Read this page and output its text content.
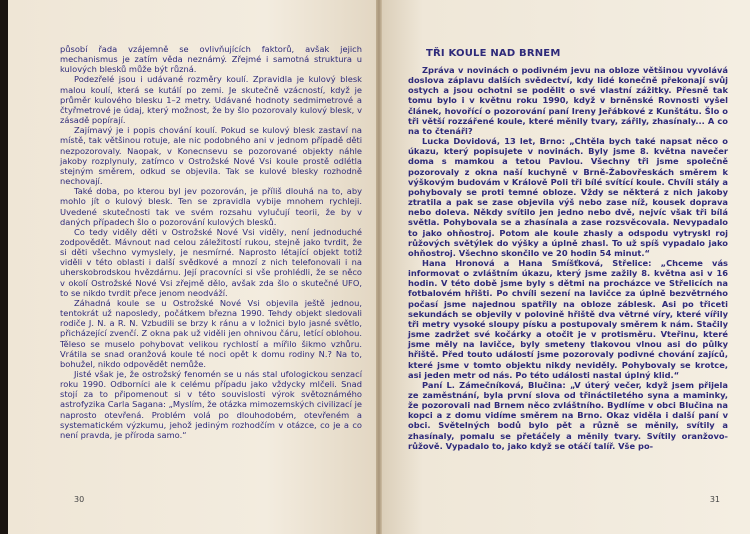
působí řada vzájemně se ovlivňujících faktorů, avšak jejich mechanismus je zatím věda neznámý. Zřejmé i samotná struktura u kulových blesků může být různá.

Podezřelé jsou i udávané rozměry koulí. Zpravidla je kulový blesk malou koulí, která se kutálí po zemi. Je skutečně vzácností, když je průměr kulového blesku 1–2 metry. Udávané hodnoty sedmimetrové a čtyřmetrové je údaj, který možnost, že by šlo pozorovaly kulový blesk, v zásadě popírají.

Zajímavý je i popis chování koulí. Pokud se kulový blesk zastaví na místě, tak většinou rotuje, ale nic podobného ani v jednom případě děti nezpozorovaly. Naopak, v Konecnsevu se pozorované objekty náhle jakoby rozplynuly, zatímco v Ostrožské Nové Vsi koule prostě odlétla stejným směrem, odkud se objevila. Tak se kulové blesky rozhodně nechovají.

Také doba, po kterou byl jev pozorován, je příliš dlouhá na to, aby mohlo jít o kulový blesk. Ten se zpravidla vybije mnohem rychleji. Uvedené skutečnosti tak ve svém rozsahu vylučují teorii, že by v daných případech šlo o pozorování kulových blesků.

Co tedy viděly děti v Ostrožské Nové Vsi viděly, není jednoduché zodpovědět. Mávnout nad celou záležitostí rukou, stejně jako tvrdit, že si děti všechno vymyslely, je nesmírné. Naprosto létající objekt totiž viděli v této oblasti i další svědkové a mnozí z nich telefonovali i na uherskobrodskou hvězdárnu. Její pracovníci si vše prohlédli, že se něco v okolí Ostrožské Nové Vsi zřejmě dělo, avšak zda šlo o skutečné UFO, to se nikdo tvrdit přece jenom neodváží.

Záhadná koule se u Ostrožské Nové Vsi objevila ještě jednou, tentokrát už naposledy, počátkem března 1990. Tehdy objekt sledovali rodiče J. N. a R. N. Vzbudili se brzy k ránu a v ložnici bylo jasné světlo, přicházející zvenčí. Z okna pak už viděli jen ohnivou čáru, letící oblohou. Těleso se muselo pohybovat velikou rychlostí a mířilo šikmo vzhůru. Vrátila se snad oranžová koule té noci opět k domu rodiny N.? Na to, bohužel, nikdo odpovědět nemůže.

Jisté však je, že ostrožský fenomén se u nás stal ufologickou senzací roku 1990. Odborníci ale k celému případu jako vždycky mlčeli. Snad stojí za to připomenout si v této souvislosti výrok světoznámého astrofyzika Carla Sagana: „Myslím, že otázka mimozemských civilizací je naprosto otevřená. Problém volá po dlouhodobém, otevřeném a systematickém výzkumu, jehož jediným rozhodčím v otázce, co je a co není pravda, je příroda samo.“

30
TŘI KOULE NAD BRNEM

Zpráva v novinách o podivném jevu na obloze většinou vyvolává doslova záplavu dalších svědectví, kdy lidé konečně překonají svůj ostych a jsou ochotni se podělit o své vlastní zážitky. Přesně tak tomu bylo i v květnu roku 1990, když v brněnské Rovnosti vyšel článek, hovořící o pozorování paní Ireny Jeřábkové z Kunštátu. Šlo o tři větší rozzářené koule, které měnily tvary, zářily, zhasínaly... A co na to čtenáři?

Lucka Dovidová, 13 let, Brno: „Chtěla bych také napsat něco o úkazu, který popisujete v novinách. Byly jsme 8. května navečer doma s mamkou a tetou Pavlou. Všechny tři jsme společně pozorovaly z okna naší kuchyně v Brně-Žabovřeskách směrem k výškovým budovám v Králově Poli tři bílé svítící koule. Chvíli stály a pohybovaly se proti temné obloze. Vždy se některá z nich jakoby ztratila a pak se zase objevila výš nebo zase níž, kousek doprava nebo doleva. Někdy svítilo jen jedno nebo dvě, nejvíc však tři bílá světla. Pohybovala se a zhasínala a zase rozsvěcovala. Nevypadalo to jako ohňostroj. Potom ale koule zhasly a odspodu vytryskl roj růžových světýlek do výšky a úplně zhasl. To už spíš vypadalo jako ohňostroj. Všechno skončilo ve 20 hodin 54 minut.“

Hana Hronová a Hana Smíšťková, Střelice: „Chceme vás informovat o zvláštním úkazu, který jsme zažily 8. května asi v 16 hodin. V této době jsme byly s dětmi na procházce ve Střelicích na fotbalovém hřišti. Po chvíli sezení na lavičce za úplně bezvětrného počasí jsme najednou spatřily na obloze záblesk. Asi po třiceti sekundách se objevily v polovině hřiště dva větrné víry, které vířily tři metry vysoké sloupy písku a postupovaly směrem k nám. Stačily jsme zadržet své kočárky a otočit je v protisměru. Vteřinu, které jsme měly na lavičce, byly smeteny tlakovou vlnou asi do půlky hřiště. Před touto událostí jsme pozorovaly podivné chování zajíců, které jsme v tomto objektu nikdy neviděly. Pohybovaly se krotce, asi jeden metr od nás. Po této události nastal úplný klid.“

Paní L. Zámečníková, Blučina: „V úterý večer, když jsem přijela ze zaměstnání, byla první slova od třináctiletého syna a maminky, že pozorovali nad Brnem něco zvláštního. Bydlíme v obci Blučina na kopci a z domu vidíme směrem na Brno. Okaz viděla i další paní v obci. Světelných bodů bylo pět a různě se měnily, svítily a zhasínaly, pomalu se přetáčely a měnily tvary. Svítily oranžovo-růžově. Vypadalo to, jako když se otáčí talíř. Vše po-

31
